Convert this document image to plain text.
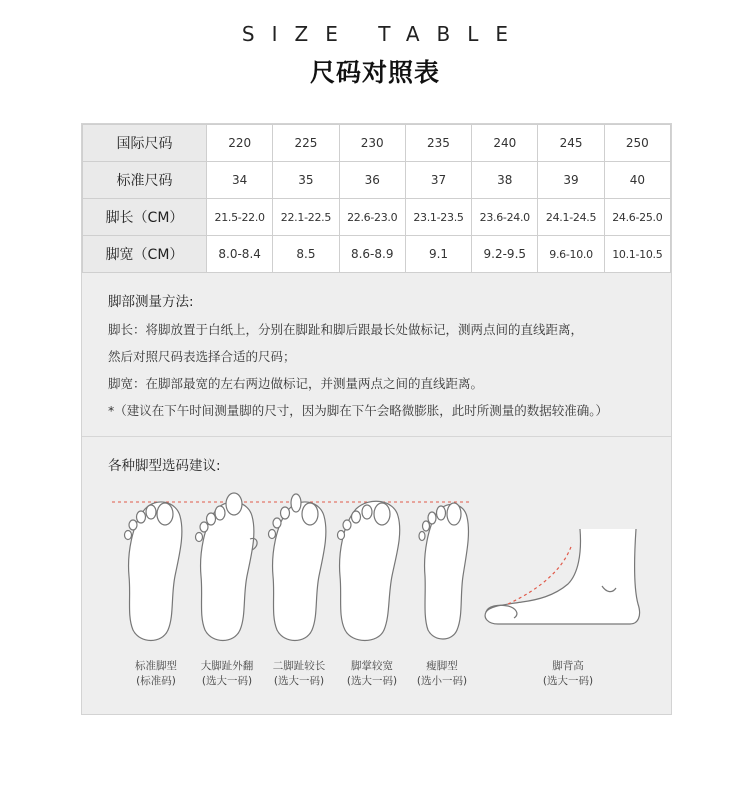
SIZE TABLE
尺码对照表
国际尺码	220	225	230	235	240	245	250
标准尺码	34	35	36	37	38	39	40
脚长（CM）	21.5-22.0	22.1-22.5	22.6-23.0	23.1-23.5	23.6-24.0	24.1-24.5	24.6-25.0
脚宽（CM）	8.0-8.4	8.5	8.6-8.9	9.1	9.2-9.5	9.6-10.0	10.1-10.5
脚部测量方法:
脚长：将脚放置于白纸上，分别在脚趾和脚后跟最长处做标记，测两点间的直线距离，
然后对照尺码表选择合适的尺码；
脚宽：在脚部最宽的左右两边做标记，并测量两点之间的直线距离。
*（建议在下午时间测量脚的尺寸，因为脚在下午会略微膨胀，此时所测量的数据较准确。）
各种脚型选码建议:
标准脚型
(标准码)
大脚趾外翻
(选大一码)
二脚趾较长
(选大一码)
脚掌较宽
(选大一码)
瘦脚型
(选小一码)
脚背高
(选大一码)
